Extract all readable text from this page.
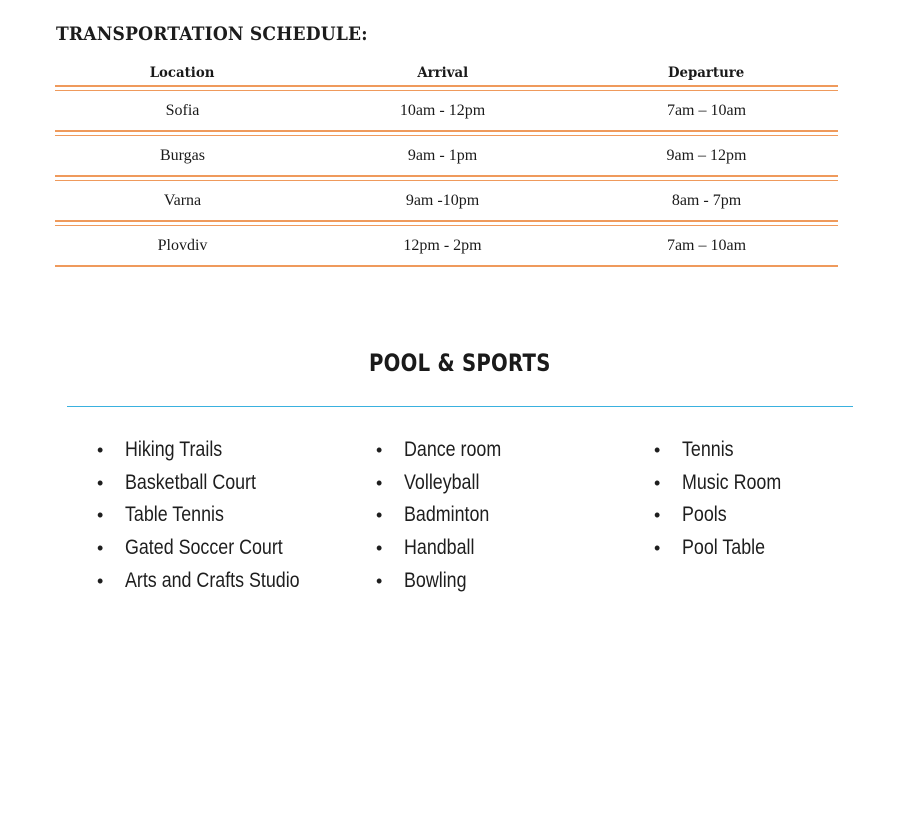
TRANSPORTATION SCHEDULE:
Location	Arrival	Departure
Sofia	10am - 12pm	7am – 10am
Burgas	9am - 1pm	9am – 12pm
Varna	9am -10pm	8am - 7pm
Plovdiv	12pm - 2pm	7am – 10am
POOL & SPORTS
• Hiking Trails
• Basketball Court
• Table Tennis
• Gated Soccer Court
• Arts and Crafts Studio
• Dance room
• Volleyball
• Badminton
• Handball
• Bowling
• Tennis
• Music Room
• Pools
• Pool Table
